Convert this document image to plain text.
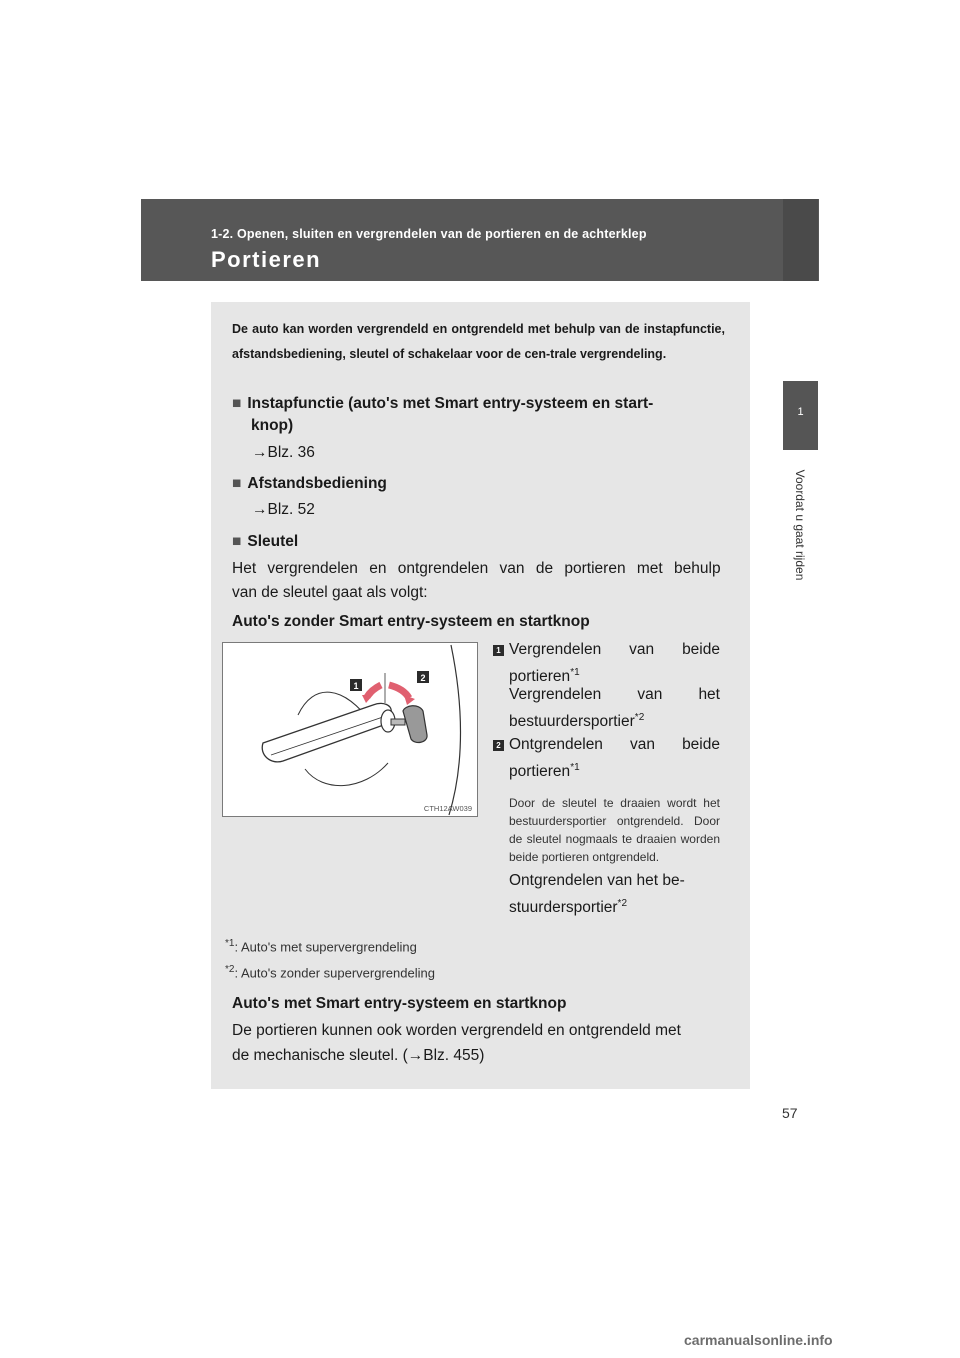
1-2. Openen, sluiten en vergrendelen van de portieren en de achterklep
Portieren
1
Voordat u gaat rijden
De auto kan worden vergrendeld en ontgrendeld met behulp van de instapfunctie, afstandsbediening, sleutel of schakelaar voor de cen-trale vergrendeling.
■ Instapfunctie (auto's met Smart entry-systeem en start-
knop)
→Blz. 36
■ Afstandsbediening
→Blz. 52
■ Sleutel
Het vergrendelen en ontgrendelen van de portieren met behulp
van de sleutel gaat als volgt:
Auto's zonder Smart entry-systeem en startknop
1
2
CTH12AW039
1 Vergrendelen van beide
portieren$^{*1}$
Vergrendelen van het
bestuurdersportier$^{*2}$
2 Ontgrendelen van beide
portieren$^{*1}$
Door de sleutel te draaien wordt het bestuurdersportier ontgrendeld. Door de sleutel nogmaals te draaien worden beide portieren ontgrendeld.
Ontgrendelen van het be-
stuurdersportier$^{*2}$
$^{*1}$: Auto's met supervergrendeling
$^{*2}$: Auto's zonder supervergrendeling
Auto's met Smart entry-systeem en startknop
De portieren kunnen ook worden vergrendeld en ontgrendeld met
de mechanische sleutel. (→Blz. 455)
57
carmanualsonline.info
